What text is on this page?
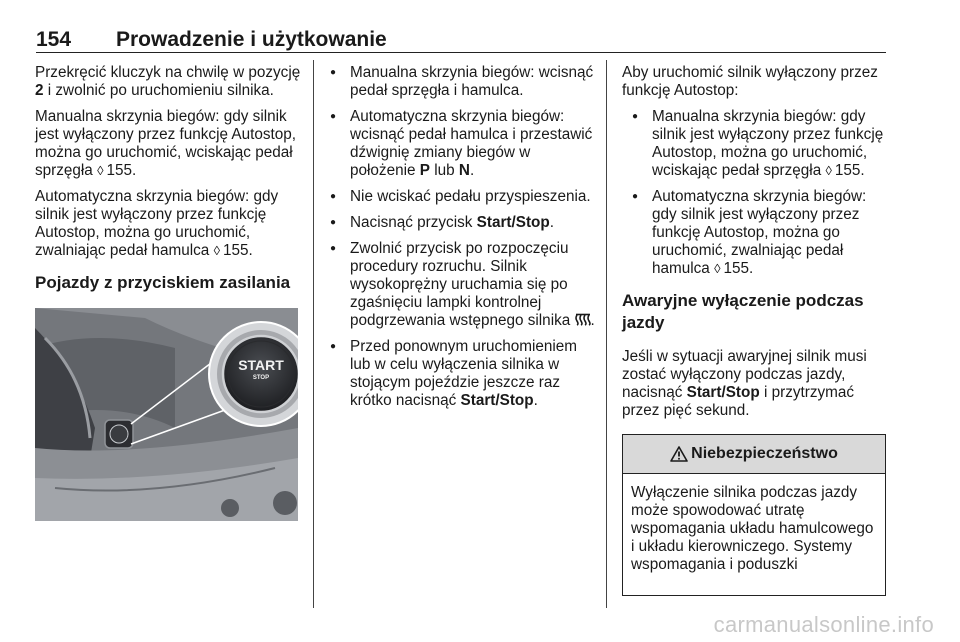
154 Prowadzenie i użytkowanie

Przekręcić kluczyk na chwilę w pozycję 2 i zwolnić po uruchomieniu silnika.

Manualna skrzynia biegów: gdy silnik jest wyłączony przez funkcję Autostop, można go uruchomić, wciskając pedał sprzęgła ◊ 155.

Automatyczna skrzynia biegów: gdy silnik jest wyłączony przez funkcję Autostop, można go uruchomić, zwalniając pedał hamulca ◊ 155.

Pojazdy z przyciskiem zasilania
START
STOP
● Manualna skrzynia biegów: wcisnąć pedał sprzęgła i hamulca.
● Automatyczna skrzynia biegów: wcisnąć pedał hamulca i przestawić dźwignię zmiany biegów w położenie P lub N.
● Nie wciskać pedału przyspieszenia.
● Nacisnąć przycisk Start/Stop.
● Zwolnić przycisk po rozpoczęciu procedury rozruchu. Silnik wysokoprężny uruchamia się po zgaśnięciu lampki kontrolnej podgrzewania wstępnego silnika .
● Przed ponownym uruchomieniem lub w celu wyłączenia silnika w stojącym pojeździe jeszcze raz krótko nacisnąć Start/Stop.

Aby uruchomić silnik wyłączony przez funkcję Autostop:

● Manualna skrzynia biegów: gdy silnik jest wyłączony przez funkcję Autostop, można go uruchomić, wciskając pedał sprzęgła ◊ 155.
● Automatyczna skrzynia biegów: gdy silnik jest wyłączony przez funkcję Autostop, można go uruchomić, zwalniając pedał hamulca ◊ 155.
Awaryjne wyłączenie podczas jazdy

Jeśli w sytuacji awaryjnej silnik musi zostać wyłączony podczas jazdy, nacisnąć Start/Stop i przytrzymać przez pięć sekund.

Niebezpieczeństwo
Wyłączenie silnika podczas jazdy może spowodować utratę wspomagania układu hamulcowego i układu kierowniczego. Systemy wspomagania i poduszki
carmanualsonline.info
